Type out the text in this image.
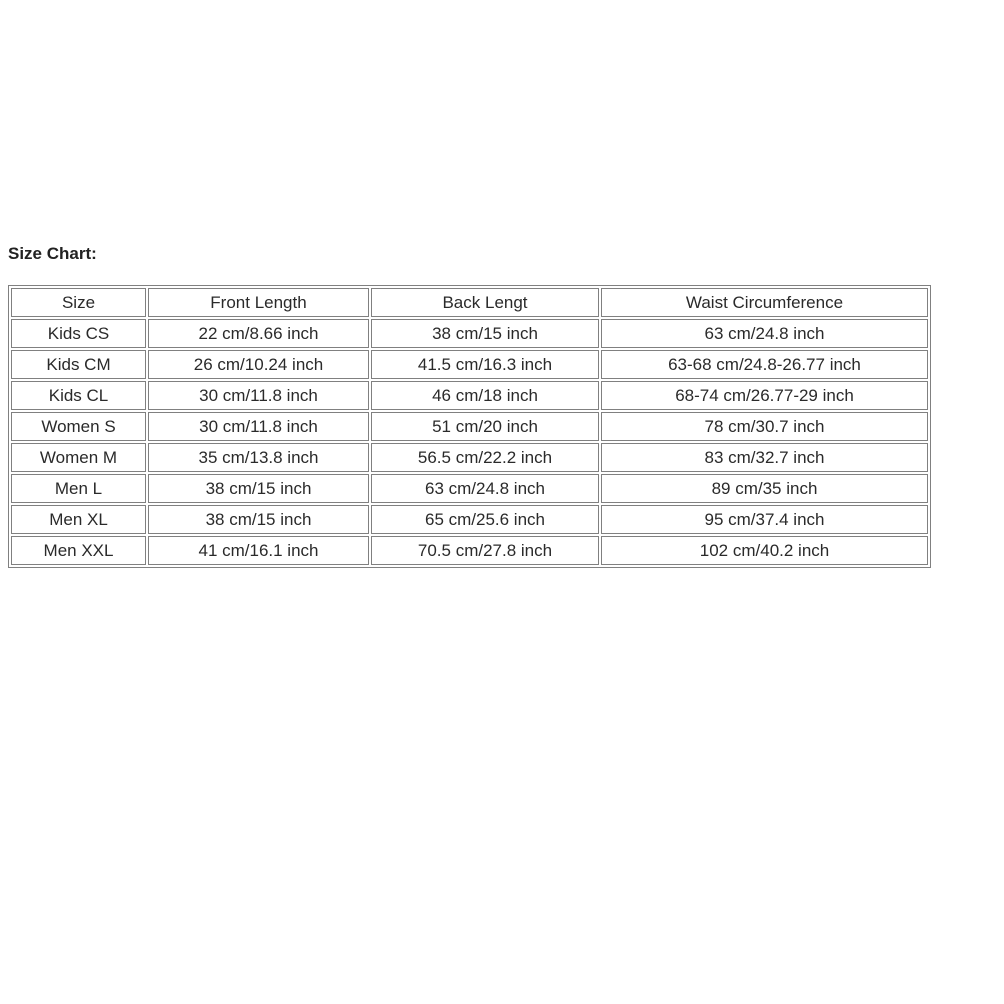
Size Chart:
Size	Front Length	Back Lengt	Waist Circumference
Kids CS	22 cm/8.66 inch	38 cm/15 inch	63 cm/24.8 inch
Kids CM	26 cm/10.24 inch	41.5 cm/16.3 inch	63-68 cm/24.8-26.77 inch
Kids CL	30 cm/11.8 inch	46 cm/18 inch	68-74 cm/26.77-29 inch
Women S	30 cm/11.8 inch	51 cm/20 inch	78 cm/30.7 inch
Women M	35 cm/13.8 inch	56.5 cm/22.2 inch	83 cm/32.7 inch
Men L	38 cm/15 inch	63 cm/24.8 inch	89 cm/35 inch
Men XL	38 cm/15 inch	65 cm/25.6 inch	95 cm/37.4 inch
Men XXL	41 cm/16.1 inch	70.5 cm/27.8 inch	102 cm/40.2 inch
